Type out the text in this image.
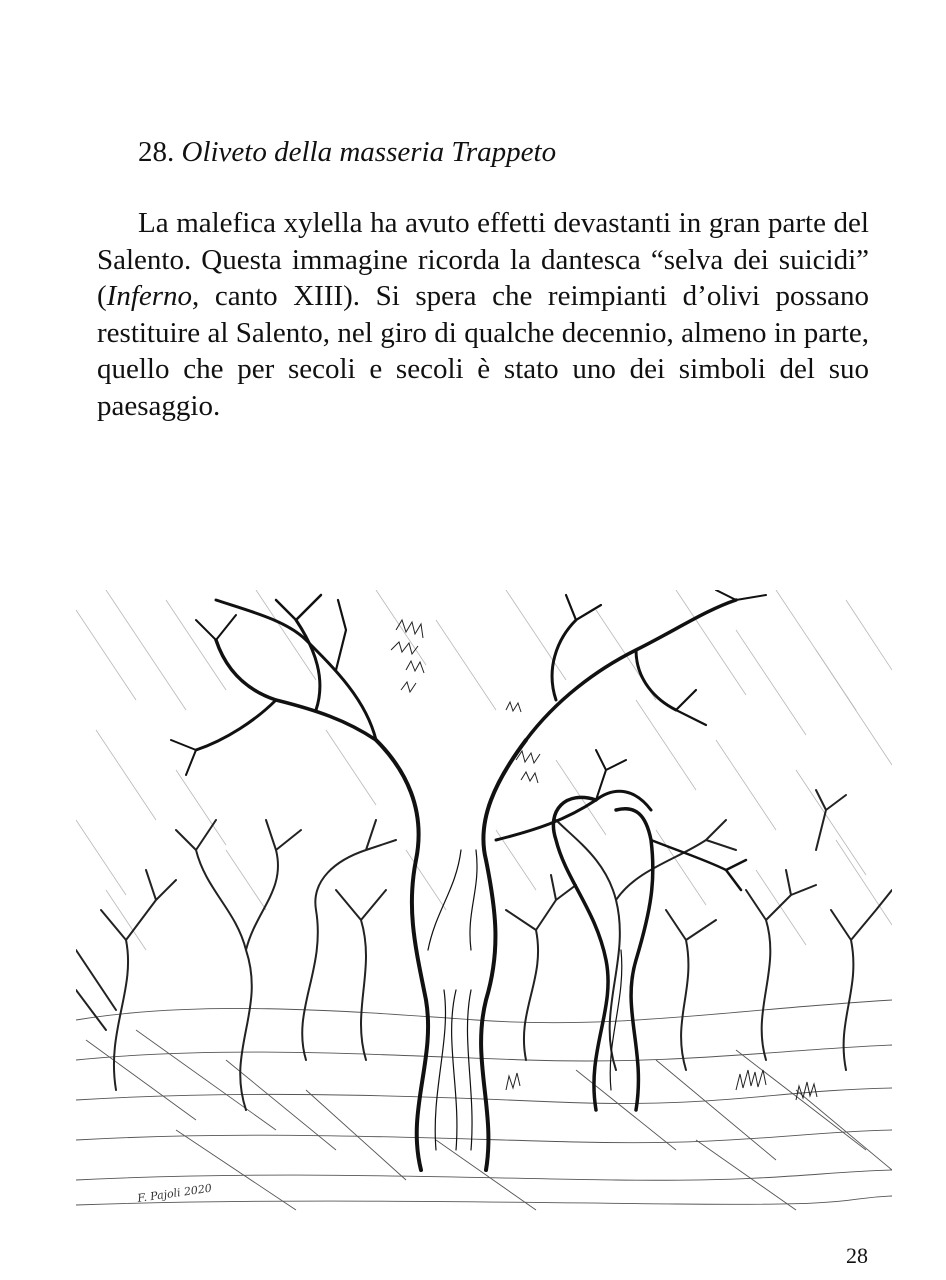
28. Oliveto della masseria Trappeto

La malefica xylella ha avuto effetti devastanti in gran parte del Salento. Questa immagine ricorda la dantesca “selva dei suicidi” (Inferno, canto XIII). Si spera che reimpianti d’olivi possano restituire al Salento, nel giro di qualche decennio, almeno in parte, quello che per secoli e secoli è stato uno dei simboli del suo paesaggio.

F. Pajoli 2020
28
